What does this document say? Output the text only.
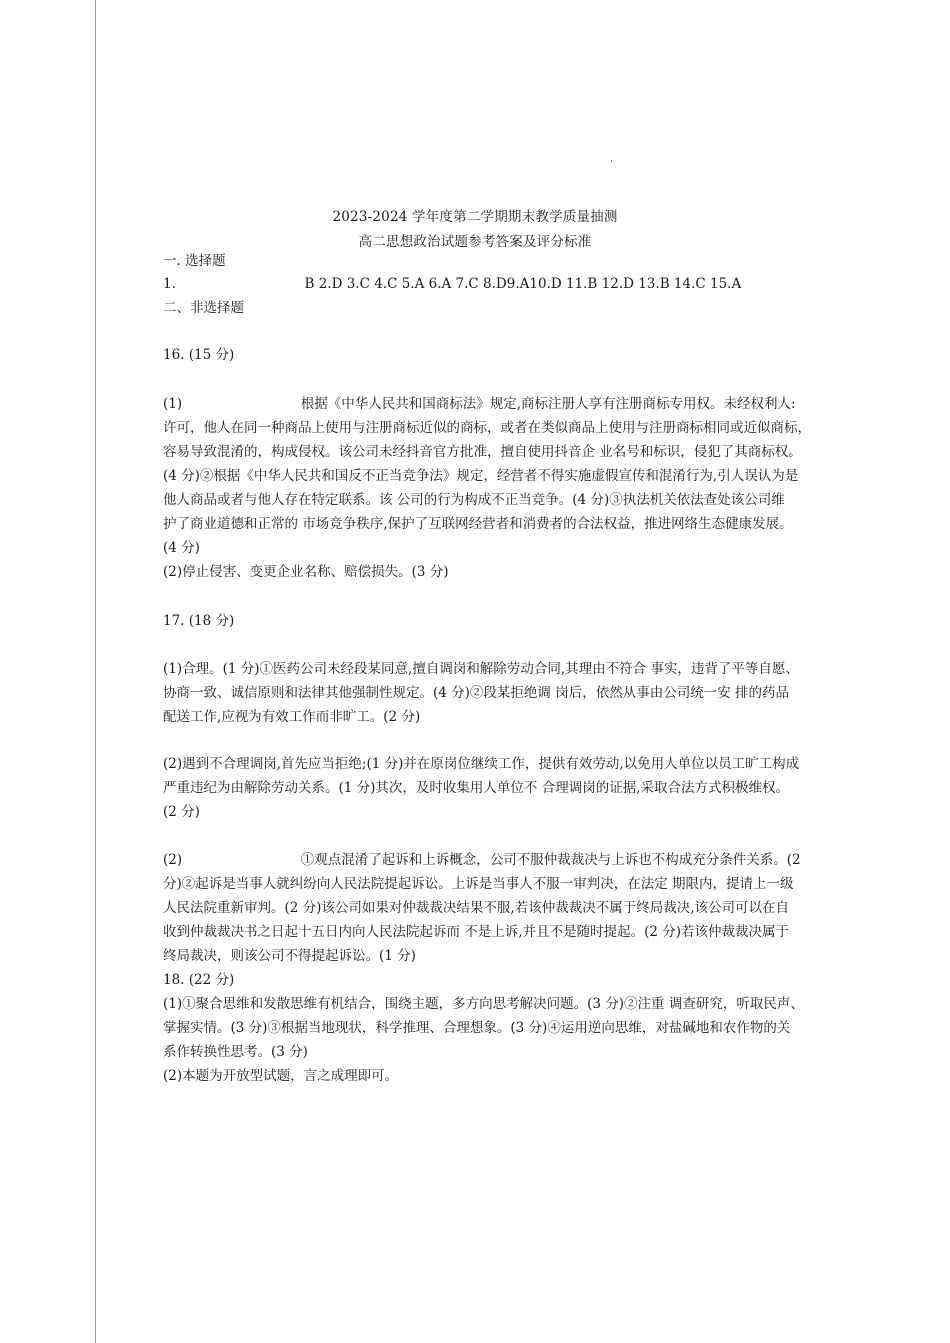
2023-2024 学年度第二学期期末教学质量抽测
高二思想政治试题参考答案及评分标准
一. 选择题
1.	B 2.D 3.C 4.C 5.A 6.A 7.C 8.D9.A10.D 11.B 12.D 13.B 14.C 15.A
二、非选择题
16. (15 分)
(1)	根据《中华人民共和国商标法》规定,商标注册人享有注册商标专用权。未经权利人:
许可，他人在同一种商品上使用与注册商标近似的商标，或者在类似商品上使用与注册商标相同或近似商标，
容易导致混淆的，构成侵权。该公司未经抖音官方批准，擅自使用抖音企 业名号和标识，侵犯了其商标权。
(4 分)②根据《中华人民共和国反不正当竞争法》规定，经营者不得实施虚假宣传和混淆行为,引人误认为是
他人商品或者与他人存在特定联系。该 公司的行为构成不正当竞争。(4 分)③执法机关依法查处该公司维
护了商业道德和正常的 市场竞争秩序,保护了互联网经营者和消费者的合法权益，推进网络生态健康发展。
(4 分)
(2)停止侵害、变更企业名称、赔偿损失。(3 分)
17. (18 分)
(1)合理。(1 分)①医药公司未经段某同意,擅自调岗和解除劳动合同,其理由不符合 事实，违背了平等自愿、
协商一致、诚信原则和法律其他强制性规定。(4 分)②段某拒绝调 岗后，依然从事由公司统一安 排的药品
配送工作,应视为有效工作而非旷工。(2 分)
(2)遇到不合理调岗,首先应当拒绝;(1 分)并在原岗位继续工作，提供有效劳动,以免用人单位以员工旷工构成
严重违纪为由解除劳动关系。(1 分)其次，及时收集用人单位不 合理调岗的证据,采取合法方式积极维权。
(2 分)
(2)	①观点混淆了起诉和上诉概念，公司不服仲裁裁决与上诉也不构成充分条件关系。(2
分)②起诉是当事人就纠纷向人民法院提起诉讼。上诉是当事人不服一审判决，在法定 期限内，提请上一级
人民法院重新审判。(2 分)该公司如果对仲裁裁决结果不服,若该仲裁裁决不属于终局裁决,该公司可以在自
收到仲裁裁决书之日起十五日内向人民法院起诉而 不是上诉,并且不是随时提起。(2 分)若该仲裁裁决属于
终局裁决，则该公司不得提起诉讼。(1 分)
18. (22 分)
(1)①聚合思维和发散思维有机结合，围绕主题，多方向思考解决问题。(3 分)②注重 调查研究，听取民声、
掌握实情。(3 分)③根据当地现状，科学推理、合理想象。(3 分)④运用逆向思维，对盐碱地和农作物的关
系作转换性思考。(3 分)
(2)本题为开放型试题，言之成理即可。
